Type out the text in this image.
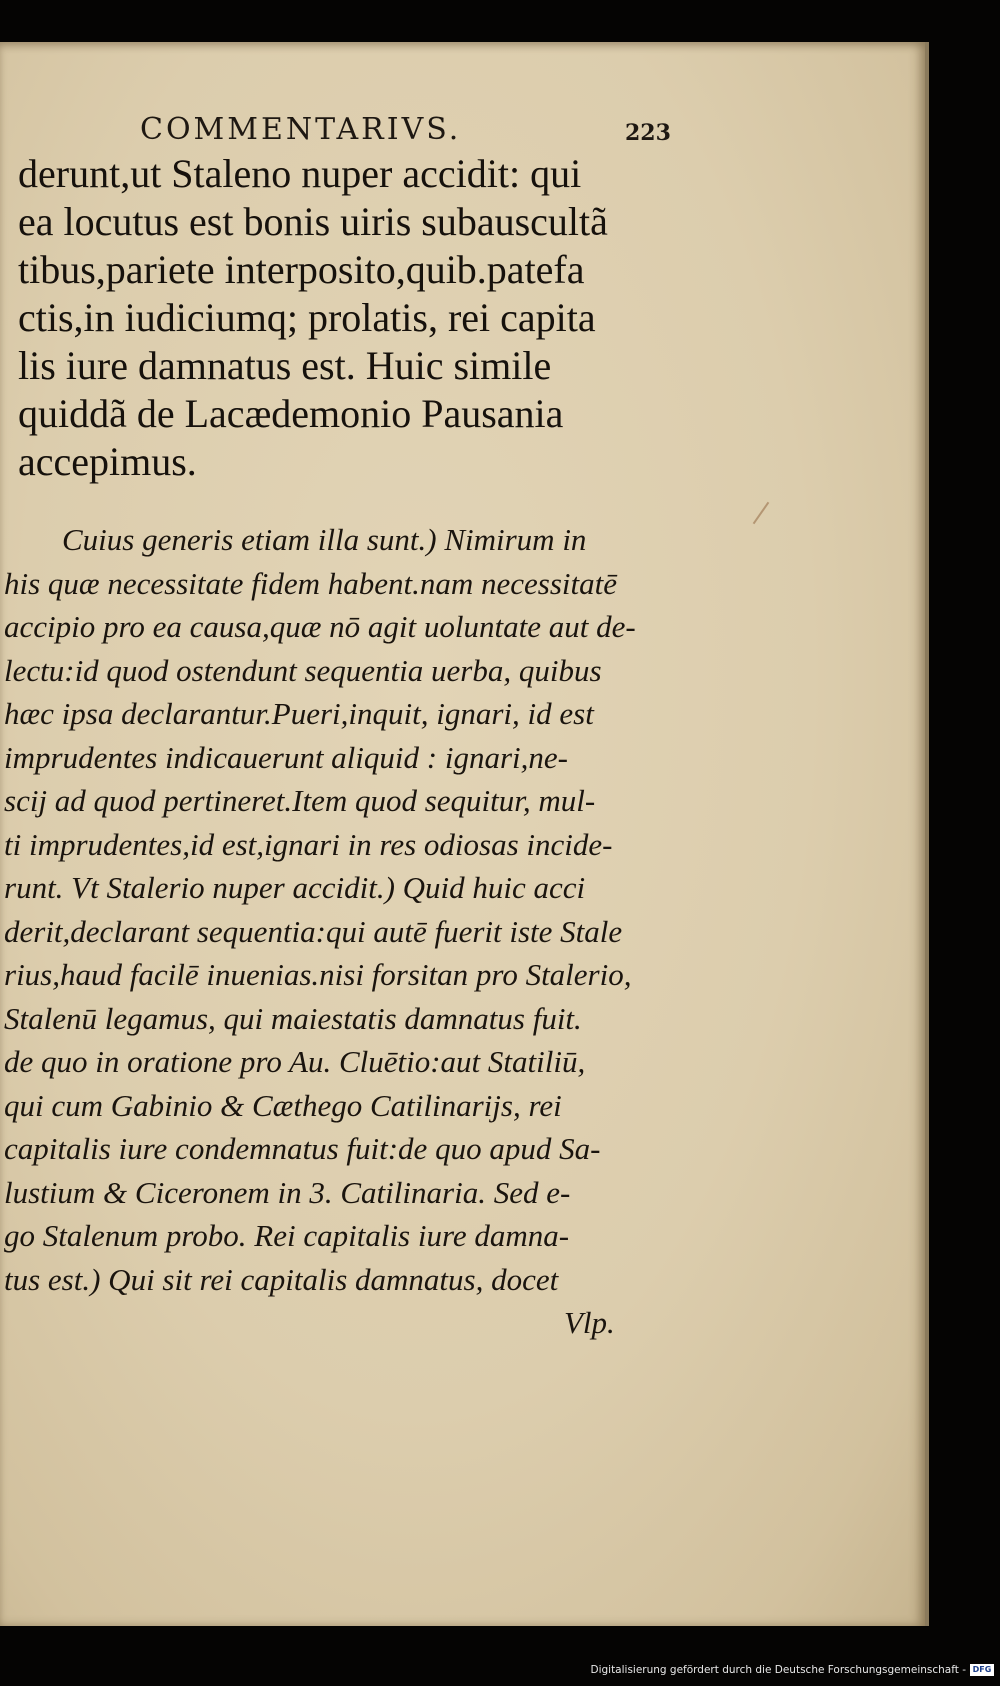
COMMENTARIVS.	223
derunt,ut Staleno nuper accidit: qui
ea locutus est bonis uiris subauscultã
tibus,pariete interposito,quib.patefa
ctis,in iudiciumq; prolatis, rei capita
lis iure damnatus est. Huic simile
quiddã de Lacædemonio Pausania
accepimus.
Cuius generis etiam illa sunt.) Nimirum in
his quæ necessitate fidem habent.nam necessitatē
accipio pro ea causa,quæ nō agit uoluntate aut de-
lectu:id quod ostendunt sequentia uerba, quibus
hæc ipsa declarantur.Pueri,inquit, ignari, id est
imprudentes indicauerunt aliquid : ignari,ne-
scij ad quod pertineret.Item quod sequitur, mul-
ti imprudentes,id est,ignari in res odiosas incide-
runt. Vt Stalerio nuper accidit.) Quid huic acci
derit,declarant sequentia:qui autē fuerit iste Stale
rius,haud facilē inuenias.nisi forsitan pro Stalerio,
Stalenū legamus, qui maiestatis damnatus fuit.
de quo in oratione pro Au. Cluētio:aut Statiliū,
qui cum Gabinio & Cæthego Catilinarijs, rei
capitalis iure condemnatus fuit:de quo apud Sa-
lustium & Ciceronem in 3. Catilinaria. Sed e-
go Stalenum probo. Rei capitalis iure damna-
tus est.) Qui sit rei capitalis damnatus, docet
Vlp.
Digitalisierung gefördert durch die Deutsche Forschungsgemeinschaft - DFG
